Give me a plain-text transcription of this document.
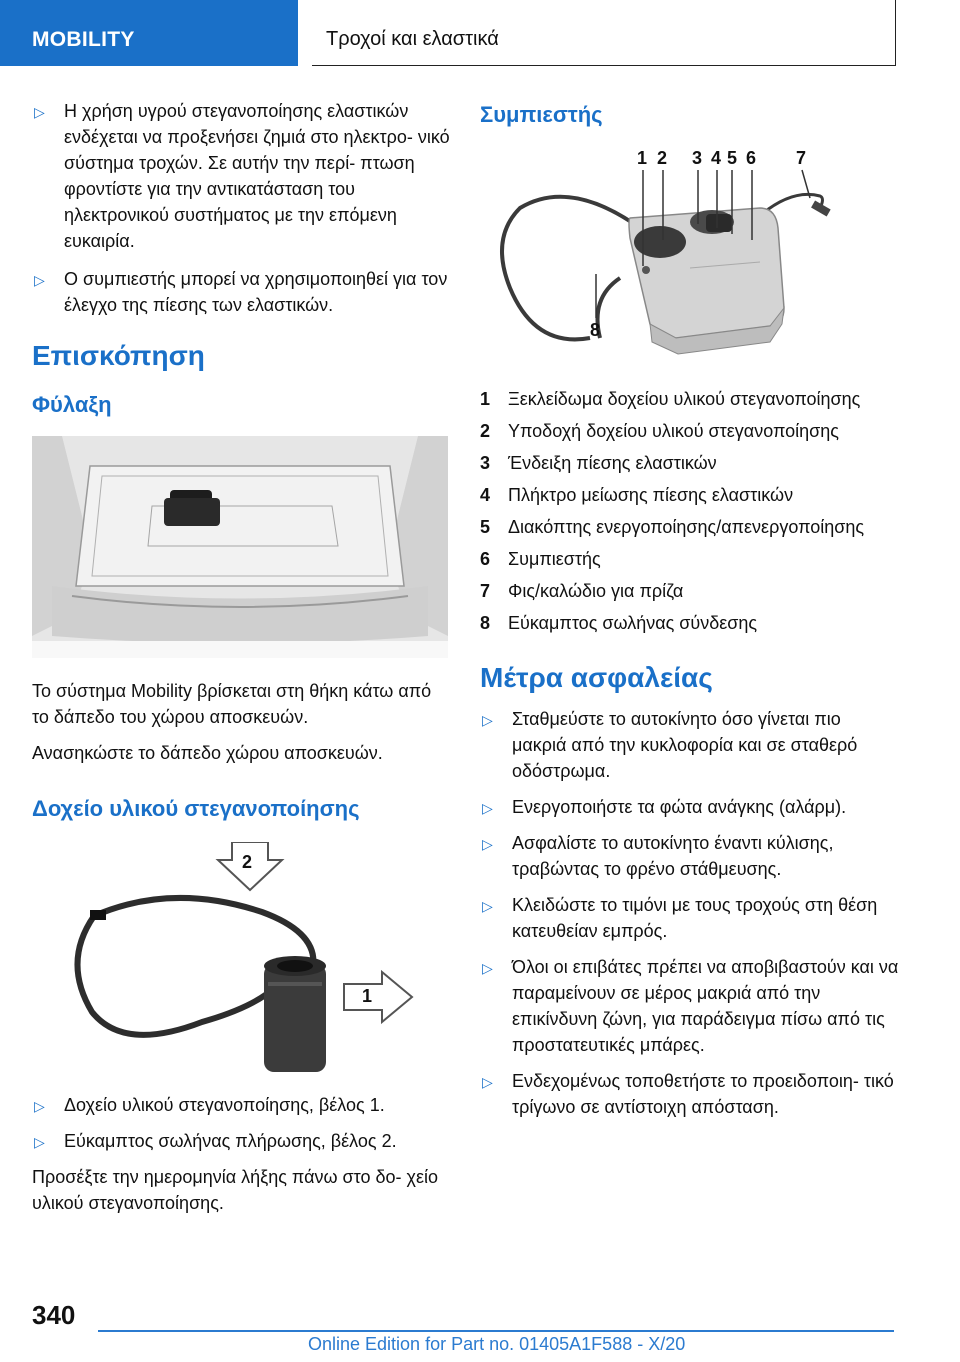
MOBILITY	Τροχοί και ελαστικά
▷ Η χρήση υγρού στεγανοποίησης ελαστικών ενδέχεται να προξενήσει ζημιά στο ηλεκτρο- νικό σύστημα τροχών. Σε αυτήν την περί- πτωση φροντίστε για την αντικατάσταση του ηλεκτρονικού συστήματος με την επόμενη ευκαιρία.
▷ Ο συμπιεστής μπορεί να χρησιμοποιηθεί για τον έλεγχο της πίεσης των ελαστικών.
Επισκόπηση
Φύλαξη
Το σύστημα Mobility βρίσκεται στη θήκη κάτω από το δάπεδο του χώρου αποσκευών.
Ανασηκώστε το δάπεδο χώρου αποσκευών.
Δοχείο υλικού στεγανοποίησης
2
1
▷ Δοχείο υλικού στεγανοποίησης, βέλος 1.
▷ Εύκαμπτος σωλήνας πλήρωσης, βέλος 2.
Προσέξτε την ημερομηνία λήξης πάνω στο δο- χείο υλικού στεγανοποίησης.
Συμπιεστής
1 2 3 4 5 6 7
8
1 Ξεκλείδωμα δοχείου υλικού στεγανοποίησης
2 Υποδοχή δοχείου υλικού στεγανοποίησης
3 Ένδειξη πίεσης ελαστικών
4 Πλήκτρο μείωσης πίεσης ελαστικών
5 Διακόπτης ενεργοποίησης/απενεργοποίησης
6 Συμπιεστής
7 Φις/καλώδιο για πρίζα
8 Εύκαμπτος σωλήνας σύνδεσης
Μέτρα ασφαλείας
▷ Σταθμεύστε το αυτοκίνητο όσο γίνεται πιο μακριά από την κυκλοφορία και σε σταθερό οδόστρωμα.
▷ Ενεργοποιήστε τα φώτα ανάγκης (αλάρμ).
▷ Ασφαλίστε το αυτοκίνητο έναντι κύλισης, τραβώντας το φρένο στάθμευσης.
▷ Κλειδώστε το τιμόνι με τους τροχούς στη θέση κατευθείαν εμπρός.
▷ Όλοι οι επιβάτες πρέπει να αποβιβαστούν και να παραμείνουν σε μέρος μακριά από την επικίνδυνη ζώνη, για παράδειγμα πίσω από τις προστατευτικές μπάρες.
▷ Ενδεχομένως τοποθετήστε το προειδοποιη- τικό τρίγωνο σε αντίστοιχη απόσταση.
340
Online Edition for Part no. 01405A1F588 - X/20
